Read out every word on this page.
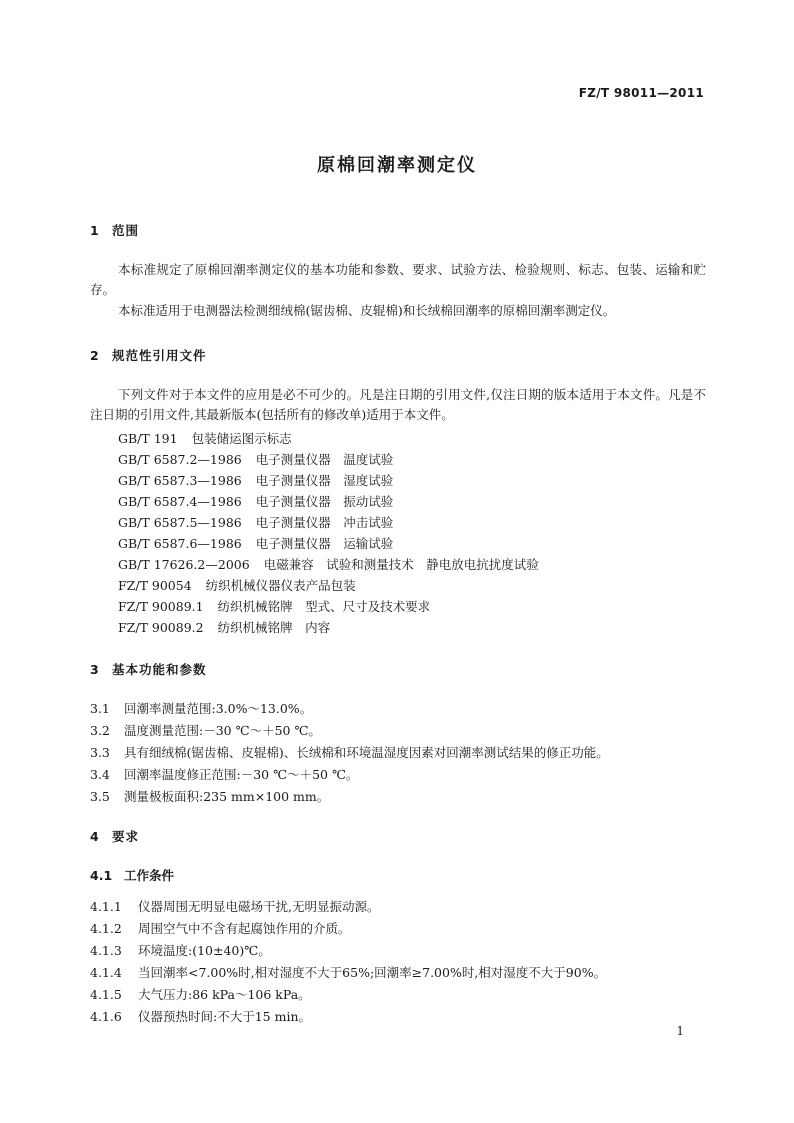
FZ/T 98011—2011
原棉回潮率测定仪
1 范围
本标准规定了原棉回潮率测定仪的基本功能和参数、要求、试验方法、检验规则、标志、包装、运输和贮存。
本标准适用于电测器法检测细绒棉(锯齿棉、皮辊棉)和长绒棉回潮率的原棉回潮率测定仪。
2 规范性引用文件
下列文件对于本文件的应用是必不可少的。凡是注日期的引用文件,仅注日期的版本适用于本文件。凡是不注日期的引用文件,其最新版本(包括所有的修改单)适用于本文件。
GB/T 191 包装储运图示标志
GB/T 6587.2—1986 电子测量仪器　温度试验
GB/T 6587.3—1986 电子测量仪器　湿度试验
GB/T 6587.4—1986 电子测量仪器　振动试验
GB/T 6587.5—1986 电子测量仪器　冲击试验
GB/T 6587.6—1986 电子测量仪器　运输试验
GB/T 17626.2—2006 电磁兼容　试验和测量技术　静电放电抗扰度试验
FZ/T 90054 纺织机械仪器仪表产品包装
FZ/T 90089.1 纺织机械铭牌　型式、尺寸及技术要求
FZ/T 90089.2 纺织机械铭牌　内容
3 基本功能和参数
3.1 回潮率测量范围:3.0%～13.0%。
3.2 温度测量范围:－30 ℃～＋50 ℃。
3.3 具有细绒棉(锯齿棉、皮辊棉)、长绒棉和环境温湿度因素对回潮率测试结果的修正功能。
3.4 回潮率温度修正范围:－30 ℃～＋50 ℃。
3.5 测量极板面积:235 mm×100 mm。
4 要求
4.1 工作条件
4.1.1 仪器周围无明显电磁场干扰,无明显振动源。
4.1.2 周围空气中不含有起腐蚀作用的介质。
4.1.3 环境温度:(10±40)℃。
4.1.4 当回潮率<7.00%时,相对湿度不大于65%;回潮率≥7.00%时,相对湿度不大于90%。
4.1.5 大气压力:86 kPa～106 kPa。
4.1.6 仪器预热时间:不大于15 min。
1
